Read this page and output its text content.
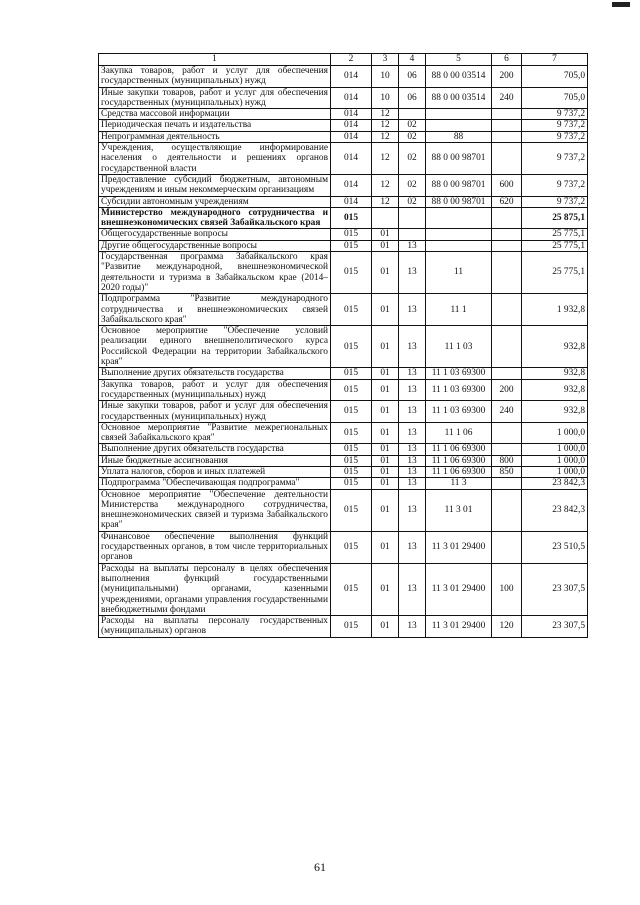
1	2	3	4	5	6	7
Закупка товаров, работ и услуг для обеспечения государственных (муниципальных) нужд	014	10	06	88 0 00 03514	200	705,0
Иные закупки товаров, работ и услуг для обеспечения государственных (муниципальных) нужд	014	10	06	88 0 00 03514	240	705,0
Средства массовой информации	014	12				9 737,2
Периодическая печать и издательства	014	12	02			9 737,2
Непрограммная деятельность	014	12	02	88		9 737,2
Учреждения, осуществляющие информирование населения о деятельности и решениях органов государственной власти	014	12	02	88 0 00 98701		9 737,2
Предоставление субсидий бюджетным, автономным учреждениям и иным некоммерческим организациям	014	12	02	88 0 00 98701	600	9 737,2
Субсидии автономным учреждениям	014	12	02	88 0 00 98701	620	9 737,2
Министерство международного сотрудничества и внешнеэкономических связей Забайкальского края	015					25 875,1
Общегосударственные вопросы	015	01				25 775,1
Другие общегосударственные вопросы	015	01	13			25 775,1
Государственная программа Забайкальского края "Развитие международной, внешнеэкономической деятельности и туризма в Забайкальском крае (2014–2020 годы)"	015	01	13	11		25 775,1
Подпрограмма "Развитие международного сотрудничества и внешнеэкономических связей Забайкальского края"	015	01	13	11 1		1 932,8
Основное мероприятие "Обеспечение условий реализации единого внешнеполитического курса Российской Федерации на территории Забайкальского края"	015	01	13	11 1 03		932,8
Выполнение других обязательств государства	015	01	13	11 1 03 69300		932,8
Закупка товаров, работ и услуг для обеспечения государственных (муниципальных) нужд	015	01	13	11 1 03 69300	200	932,8
Иные закупки товаров, работ и услуг для обеспечения государственных (муниципальных) нужд	015	01	13	11 1 03 69300	240	932,8
Основное мероприятие "Развитие межрегиональных связей Забайкальского края"	015	01	13	11 1 06		1 000,0
Выполнение других обязательств государства	015	01	13	11 1 06 69300		1 000,0
Иные бюджетные ассигнования	015	01	13	11 1 06 69300	800	1 000,0
Уплата налогов, сборов и иных платежей	015	01	13	11 1 06 69300	850	1 000,0
Подпрограмма "Обеспечивающая подпрограмма"	015	01	13	11 3		23 842,3
Основное мероприятие "Обеспечение деятельности Министерства международного сотрудничества, внешнеэкономических связей и туризма Забайкальского края"	015	01	13	11 3 01		23 842,3
Финансовое обеспечение выполнения функций государственных органов, в том числе территориальных органов	015	01	13	11 3 01 29400		23 510,5
Расходы на выплаты персоналу в целях обеспечения выполнения функций государственными (муниципальными) органами, казенными учреждениями, органами управления государственными внебюджетными фондами	015	01	13	11 3 01 29400	100	23 307,5
Расходы на выплаты персоналу государственных (муниципальных) органов	015	01	13	11 3 01 29400	120	23 307,5
61
